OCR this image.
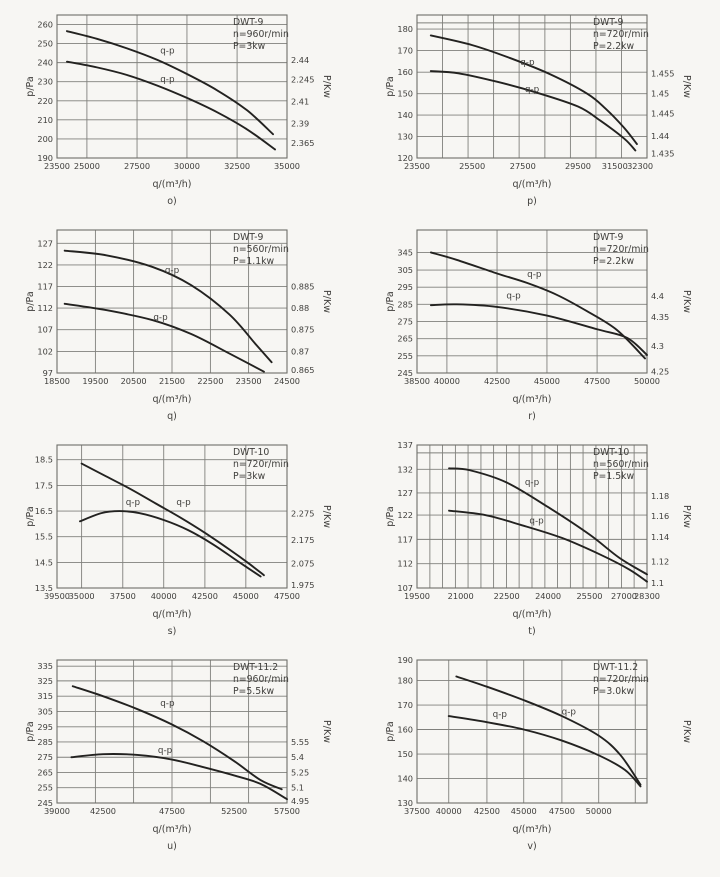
q-p
q-p
190
200
210
220
230
240
250
260
2.44
2.245
2.41
2.39
2.365
23500 25000	27500	30000	32500	35000
DWT-9
n=960r/min
P=3kw
p/Pa	P/Kw
q/(m³/h)
o)
q-p
q-p
120
130
140
150
160
170
180
1.455
1.45
1.445
1.44
1.435
23500	25500	27500	29500 31500 32300
DWT-9
n=720r/min
P=2.2kw
p/Pa	P/Kw
q/(m³/h)
p)
q-p
q-p
97
102
107
112
117
122
127
0.885
0.88
0.875
0.87
0.865
18500 19500 20500 21500 22500 23500 24500
DWT-9
n=560r/min
P=1.1kw
p/Pa	P/Kw
q/(m³/h)
q)
q-p
q-p
245
255
265
275
285
295
305
345
4.4
4.35
4.3
4.25
38500 40000	42500	45000	47500	50000
DWT-9
n=720r/min
P=2.2kw
p/Pa	P/Kw
q/(m³/h)
r)
q-p
q-p
13.5
14.5
15.5
16.5
17.5
18.5
2.275
2.175
2.075
1.975
39500
35000 37500 40000 42500 45000 47500
DWT-10
n=720r/min
P=3kw
p/Pa	P/Kw
q/(m³/h)
s)
q-p
q-p
107
112
117
122
127
132
137
1.18
1.16
1.14
1.12
1.1
19500 21000 22500 24000 25500 27000
28300
DWT-10
n=560r/min
P=1.5kw
p/Pa	P/Kw
q/(m³/h)
t)
q-p
q-p
245
255
265
275
285
295
305
315
325
335
5.55
5.4
5.25
5.1
4.95
39000 42500	47500	52500	57500
DWT-11.2
n=960r/min
P=5.5kw
p/Pa	P/Kw
q/(m³/h)
u)
q-p
q-p
130
140
150
160
170
180
190
37500 40000 42500 45000 47500 50000
DWT-11.2
n=720r/min
P=3.0kw
p/Pa	P/Kw
q/(m³/h)
v)
